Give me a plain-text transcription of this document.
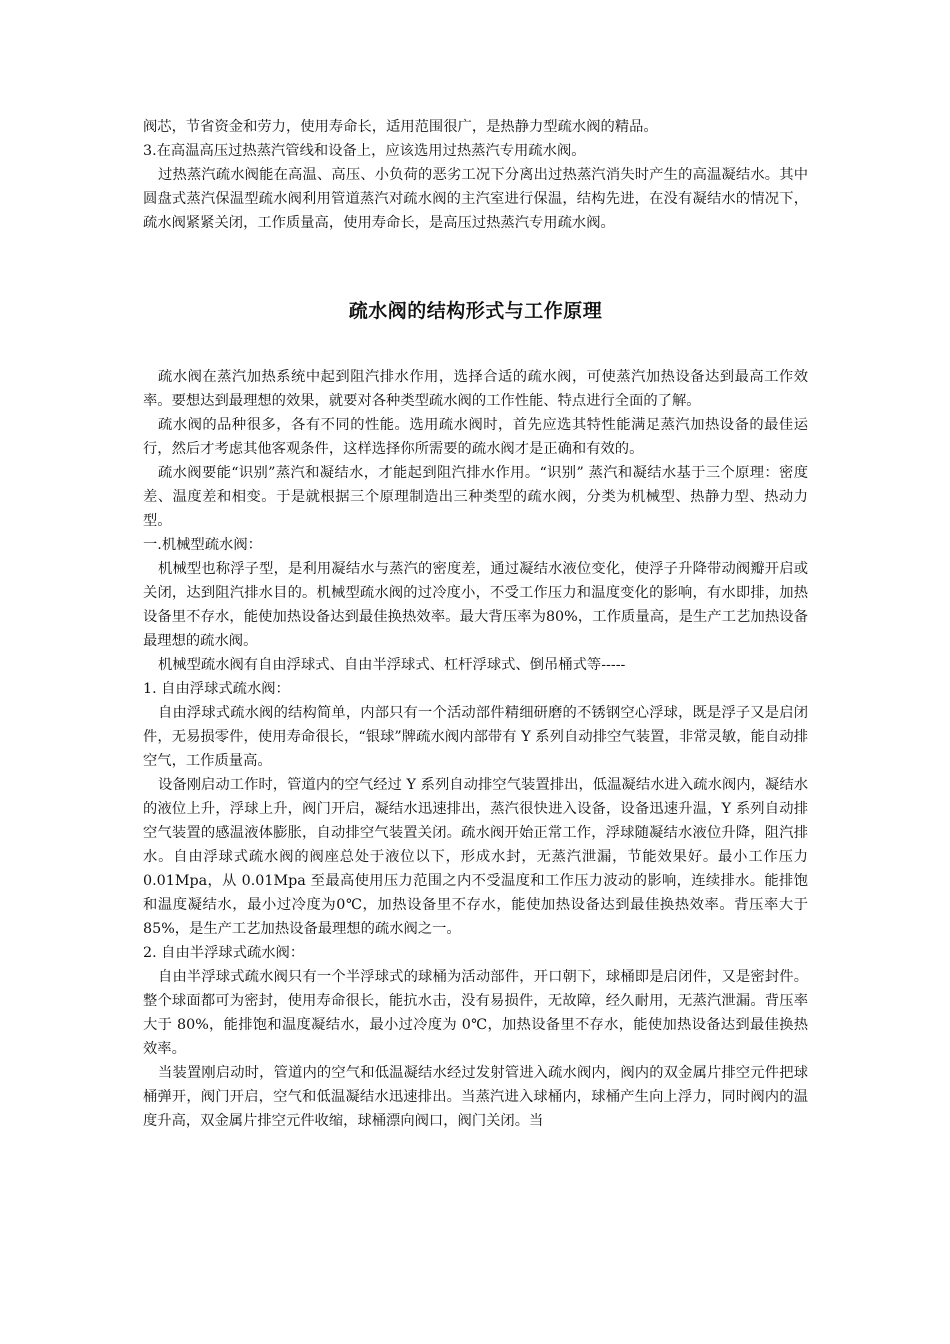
阀芯，节省资金和劳力，使用寿命长，适用范围很广，是热静力型疏水阀的精品。

3.在高温高压过热蒸汽管线和设备上，应该选用过热蒸汽专用疏水阀。

过热蒸汽疏水阀能在高温、高压、小负荷的恶劣工况下分离出过热蒸汽消失时产生的高温凝结水。其中圆盘式蒸汽保温型疏水阀利用管道蒸汽对疏水阀的主汽室进行保温，结构先进，在没有凝结水的情况下，疏水阀紧紧关闭，工作质量高，使用寿命长，是高压过热蒸汽专用疏水阀。

疏水阀的结构形式与工作原理

疏水阀在蒸汽加热系统中起到阻汽排水作用，选择合适的疏水阀，可使蒸汽加热设备达到最高工作效率。要想达到最理想的效果，就要对各种类型疏水阀的工作性能、特点进行全面的了解。

疏水阀的品种很多，各有不同的性能。选用疏水阀时，首先应选其特性能满足蒸汽加热设备的最佳运行，然后才考虑其他客观条件，这样选择你所需要的疏水阀才是正确和有效的。

疏水阀要能“识别”蒸汽和凝结水，才能起到阻汽排水作用。“识别” 蒸汽和凝结水基于三个原理：密度差、温度差和相变。于是就根据三个原理制造出三种类型的疏水阀，分类为机械型、热静力型、热动力型。

一.机械型疏水阀：

机械型也称浮子型，是利用凝结水与蒸汽的密度差，通过凝结水液位变化，使浮子升降带动阀瓣开启或关闭，达到阻汽排水目的。机械型疏水阀的过冷度小，不受工作压力和温度变化的影响，有水即排，加热设备里不存水，能使加热设备达到最佳换热效率。最大背压率为80%，工作质量高，是生产工艺加热设备最理想的疏水阀。

机械型疏水阀有自由浮球式、自由半浮球式、杠杆浮球式、倒吊桶式等-----

1. 自由浮球式疏水阀：

自由浮球式疏水阀的结构简单，内部只有一个活动部件精细研磨的不锈钢空心浮球，既是浮子又是启闭件，无易损零件，使用寿命很长，“银球”牌疏水阀内部带有 Y 系列自动排空气装置，非常灵敏，能自动排空气，工作质量高。

设备刚启动工作时，管道内的空气经过 Y 系列自动排空气装置排出，低温凝结水进入疏水阀内，凝结水的液位上升，浮球上升，阀门开启，凝结水迅速排出，蒸汽很快进入设备，设备迅速升温，Y 系列自动排空气装置的感温液体膨胀，自动排空气装置关闭。疏水阀开始正常工作，浮球随凝结水液位升降，阻汽排水。自由浮球式疏水阀的阀座总处于液位以下，形成水封，无蒸汽泄漏，节能效果好。最小工作压力 0.01Mpa，从 0.01Mpa 至最高使用压力范围之内不受温度和工作压力波动的影响，连续排水。能排饱和温度凝结水，最小过冷度为0℃，加热设备里不存水，能使加热设备达到最佳换热效率。背压率大于 85%，是生产工艺加热设备最理想的疏水阀之一。

2. 自由半浮球式疏水阀：

自由半浮球式疏水阀只有一个半浮球式的球桶为活动部件，开口朝下，球桶即是启闭件，又是密封件。整个球面都可为密封，使用寿命很长，能抗水击，没有易损件，无故障，经久耐用，无蒸汽泄漏。背压率大于 80%，能排饱和温度凝结水，最小过冷度为 0℃，加热设备里不存水，能使加热设备达到最佳换热效率。

当装置刚启动时，管道内的空气和低温凝结水经过发射管进入疏水阀内，阀内的双金属片排空元件把球桶弹开，阀门开启，空气和低温凝结水迅速排出。当蒸汽进入球桶内，球桶产生向上浮力，同时阀内的温度升高，双金属片排空元件收缩，球桶漂向阀口，阀门关闭。当
